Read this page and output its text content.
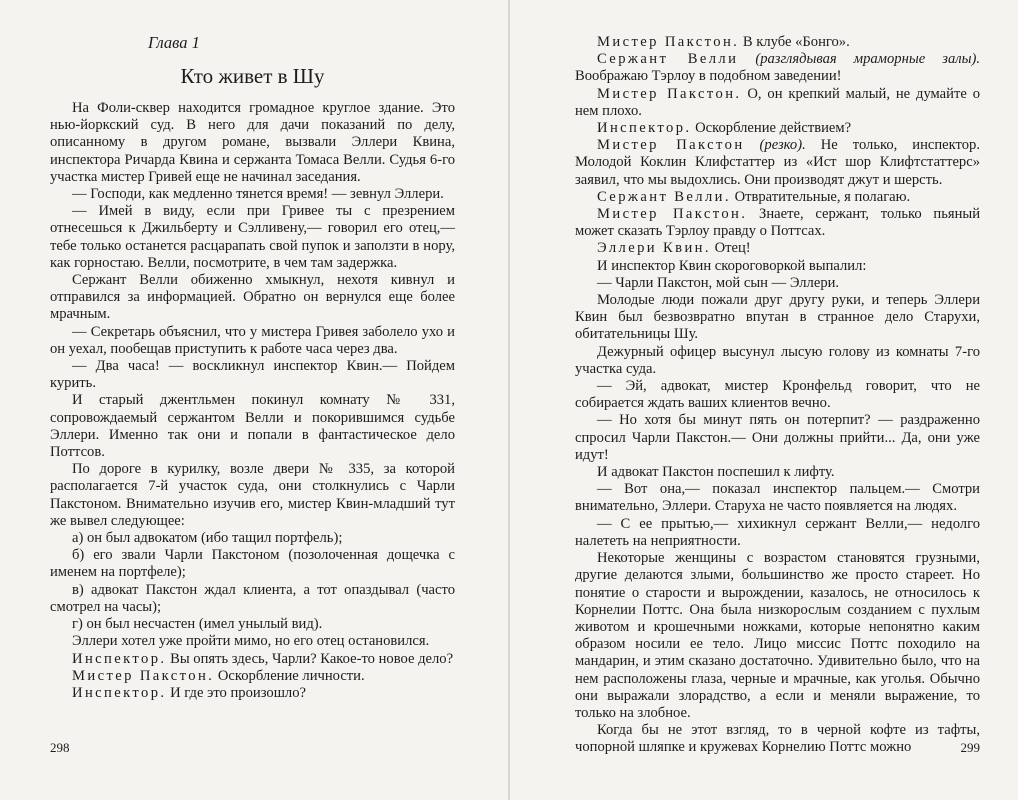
Глава 1
Кто живет в Шу

На Фоли-сквер находится громадное круглое здание. Это нью-йоркский суд. В него для дачи показаний по делу, описанному в другом романе, вызвали Эллери Квина, инспектора Ричарда Квина и сержанта Томаса Велли. Судья 6-го участка мистер Гривей еще не начинал заседания.

— Господи, как медленно тянется время! — зевнул Эллери.

— Имей в виду, если при Гривее ты с презрением отнесешься к Джильберту и Сэлливену,— говорил его отец,— тебе только останется расцарапать свой пупок и заползти в нору, как горностаю. Велли, посмотрите, в чем там задержка.

Сержант Велли обиженно хмыкнул, нехотя кивнул и отправился за информацией. Обратно он вернулся еще более мрачным.

— Секретарь объяснил, что у мистера Гривея заболело ухо и он уехал, пообещав приступить к работе часа через два.

— Два часа! — воскликнул инспектор Квин.— Пойдем курить.

И старый джентльмен покинул комнату № 331, сопровождаемый сержантом Велли и покорившимся судьбе Эллери. Именно так они и попали в фантастическое дело Поттсов.

По дороге в курилку, возле двери № 335, за которой располагается 7-й участок суда, они столкнулись с Чарли Пакстоном. Внимательно изучив его, мистер Квин-младший тут же вывел следующее:

а) он был адвокатом (ибо тащил портфель);

б) его звали Чарли Пакстоном (позолоченная дощечка с именем на портфеле);

в) адвокат Пакстон ждал клиента, а тот опаздывал (часто смотрел на часы);

г) он был несчастен (имел унылый вид).

Эллери хотел уже пройти мимо, но его отец остановился.

Инспектор. Вы опять здесь, Чарли? Какое-то новое дело?

Мистер Пакстон. Оскорбление личности.

Инспектор. И где это произошло?

298

Мистер Пакстон. В клубе «Бонго».

Сержант Велли (разглядывая мраморные залы). Воображаю Тэрлоу в подобном заведении!

Мистер Пакстон. О, он крепкий малый, не думайте о нем плохо.

Инспектор. Оскорбление действием?

Мистер Пакстон (резко). Не только, инспектор. Молодой Коклин Клифстаттер из «Ист шор Клифтстаттерс» заявил, что мы выдохлись. Они производят джут и шерсть.

Сержант Велли. Отвратительные, я полагаю.

Мистер Пакстон. Знаете, сержант, только пьяный может сказать Тэрлоу правду о Поттсах.

Эллери Квин. Отец!

И инспектор Квин скороговоркой выпалил:

— Чарли Пакстон, мой сын — Эллери.

Молодые люди пожали друг другу руки, и теперь Эллери Квин был безвозвратно впутан в странное дело Старухи, обитательницы Шу.

Дежурный офицер высунул лысую голову из комнаты 7-го участка суда.

— Эй, адвокат, мистер Кронфельд говорит, что не собирается ждать ваших клиентов вечно.

— Но хотя бы минут пять он потерпит? — раздраженно спросил Чарли Пакстон.— Они должны прийти... Да, они уже идут!

И адвокат Пакстон поспешил к лифту.

— Вот она,— показал инспектор пальцем.— Смотри внимательно, Эллери. Старуха не часто появляется на людях.

— С ее прытью,— хихикнул сержант Велли,— недолго налететь на неприятности.

Некоторые женщины с возрастом становятся грузными, другие делаются злыми, большинство же просто стареет. Но понятие о старости и вырождении, казалось, не относилось к Корнелии Поттс. Она была низкорослым созданием с пухлым животом и крошечными ножками, которые непонятно каким образом носили ее тело. Лицо миссис Поттс походило на мандарин, и этим сказано достаточно. Удивительно было, что на нем расположены глаза, черные и мрачные, как уголья. Обычно они выражали злорадство, а если и меняли выражение, то только на злобное.

Когда бы не этот взгляд, то в черной кофте из тафты, чопорной шляпке и кружевах Корнелию Поттс можно	299
